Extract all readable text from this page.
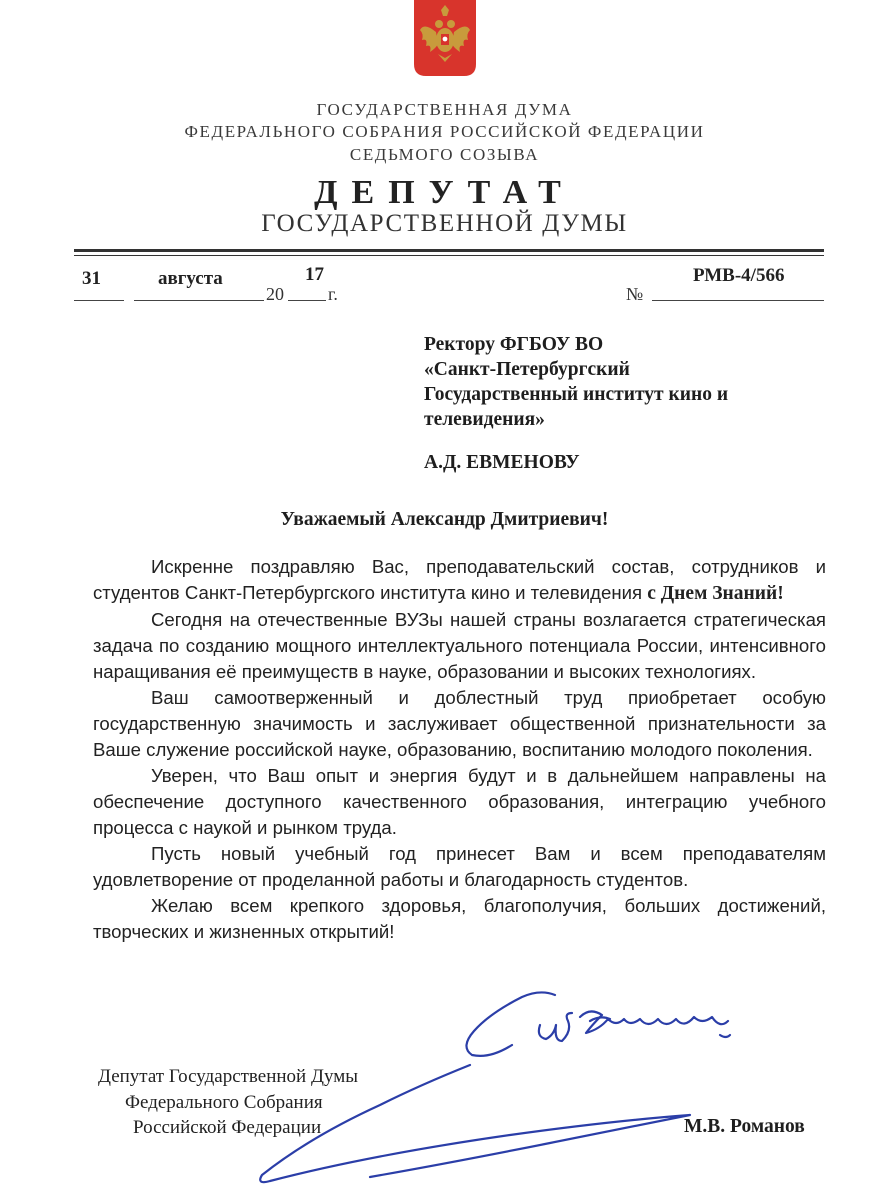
ГОСУДАРСТВЕННАЯ ДУМА
ФЕДЕРАЛЬНОГО СОБРАНИЯ РОССИЙСКОЙ ФЕДЕРАЦИИ
СЕДЬМОГО СОЗЫВА
ДЕПУТАТ
ГОСУДАРСТВЕННОЙ ДУМЫ
31	августа
20
17
г.	№
РМВ-4/566
Ректору ФГБОУ ВО
«Санкт-Петербургский
Государственный институт кино и
телевидения»
А.Д. ЕВМЕНОВУ
Уважаемый Александр Дмитриевич!

Искренне поздравляю Вас, преподавательский состав, сотрудников и студентов Санкт-Петербургского института кино и телевидения с Днем Знаний!

Сегодня на отечественные ВУЗы нашей страны возлагается стратегическая задача по созданию мощного интеллектуального потенциала России, интенсивного наращивания её преимуществ в науке, образовании и высоких технологиях.

Ваш самоотверженный и доблестный труд приобретает особую государственную значимость и заслуживает общественной признательности за Ваше служение российской науке, образованию, воспитанию молодого поколения.

Уверен, что Ваш опыт и энергия будут и в дальнейшем направлены на обеспечение доступного качественного образования, интеграцию учебного процесса с наукой и рынком труда.

Пусть новый учебный год принесет Вам и всем преподавателям удовлетворение от проделанной работы и благодарность студентов.

Желаю всем крепкого здоровья, благополучия, больших достижений, творческих и жизненных открытий!

Депутат Государственной Думы
Федерального Собрания
Российской Федерации	М.В. Романов
